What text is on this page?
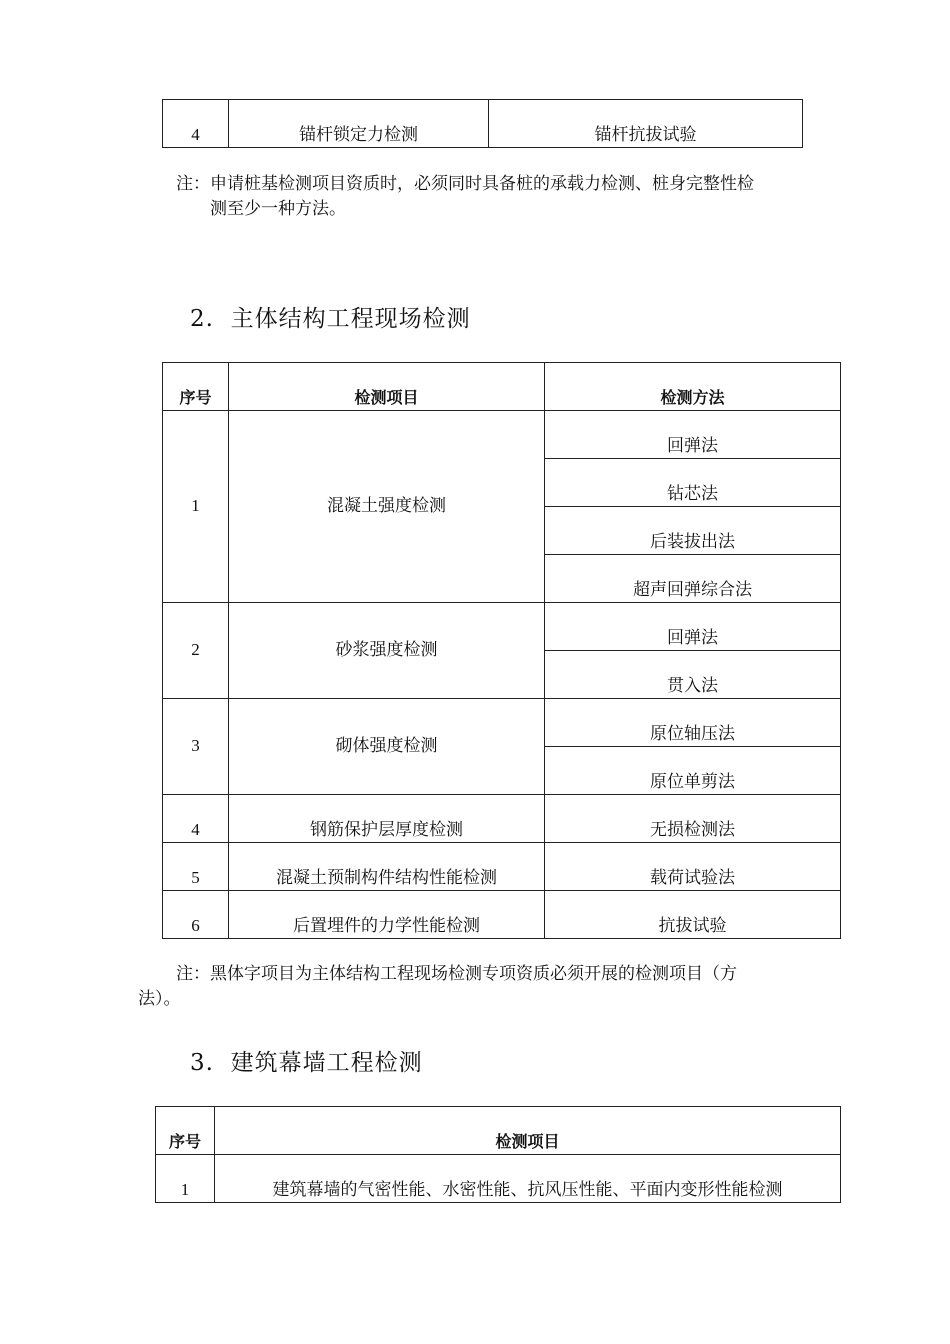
4	锚杆锁定力检测	锚杆抗拔试验
注：申请桩基检测项目资质时，必须同时具备桩的承载力检测、桩身完整性检
测至少一种方法。
2.  主体结构工程现场检测
序号	检测项目	检测方法

1	混凝土强度检测	回弹法

		钻芯法

		后装拔出法

		超声回弹综合法

2	砂浆强度检测	回弹法

		贯入法

3	砌体强度检测	原位轴压法

		原位单剪法

4	钢筋保护层厚度检测	无损检测法

5	混凝土预制构件结构性能检测	载荷试验法

6	后置埋件的力学性能检测	抗拔试验
注：黑体字项目为主体结构工程现场检测专项资质必须开展的检测项目（方
法）。
3.  建筑幕墙工程检测
序号	检测项目

1	建筑幕墙的气密性能、水密性能、抗风压性能、平面内变形性能检测
